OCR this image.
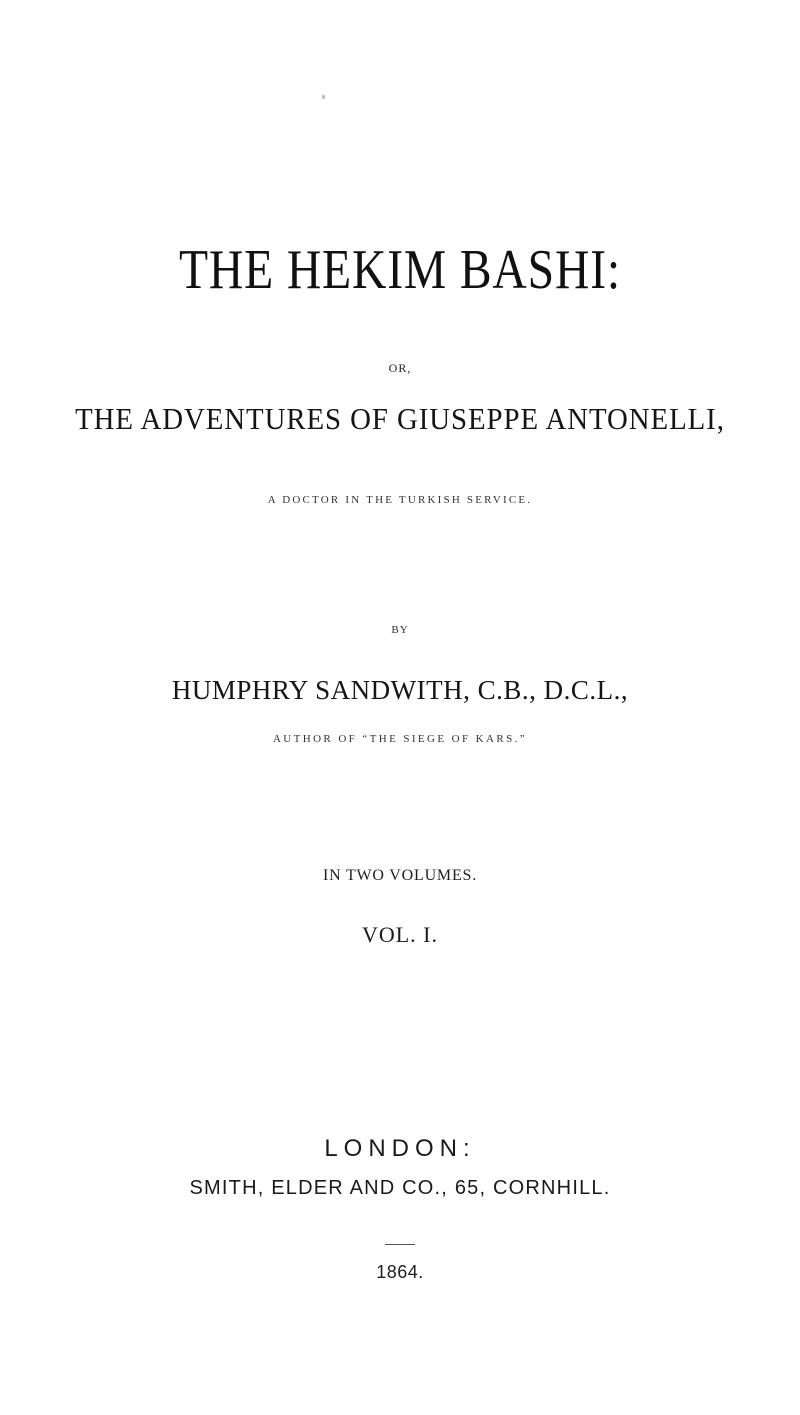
THE HEKIM BASHI:
OR,
THE ADVENTURES OF GIUSEPPE ANTONELLI,
A DOCTOR IN THE TURKISH SERVICE.
BY
HUMPHRY SANDWITH, C.B., D.C.L.,
AUTHOR OF “THE SIEGE OF KARS.”
IN TWO VOLUMES.
VOL. I.
LONDON:
SMITH, ELDER AND CO., 65, CORNHILL.
1864.
